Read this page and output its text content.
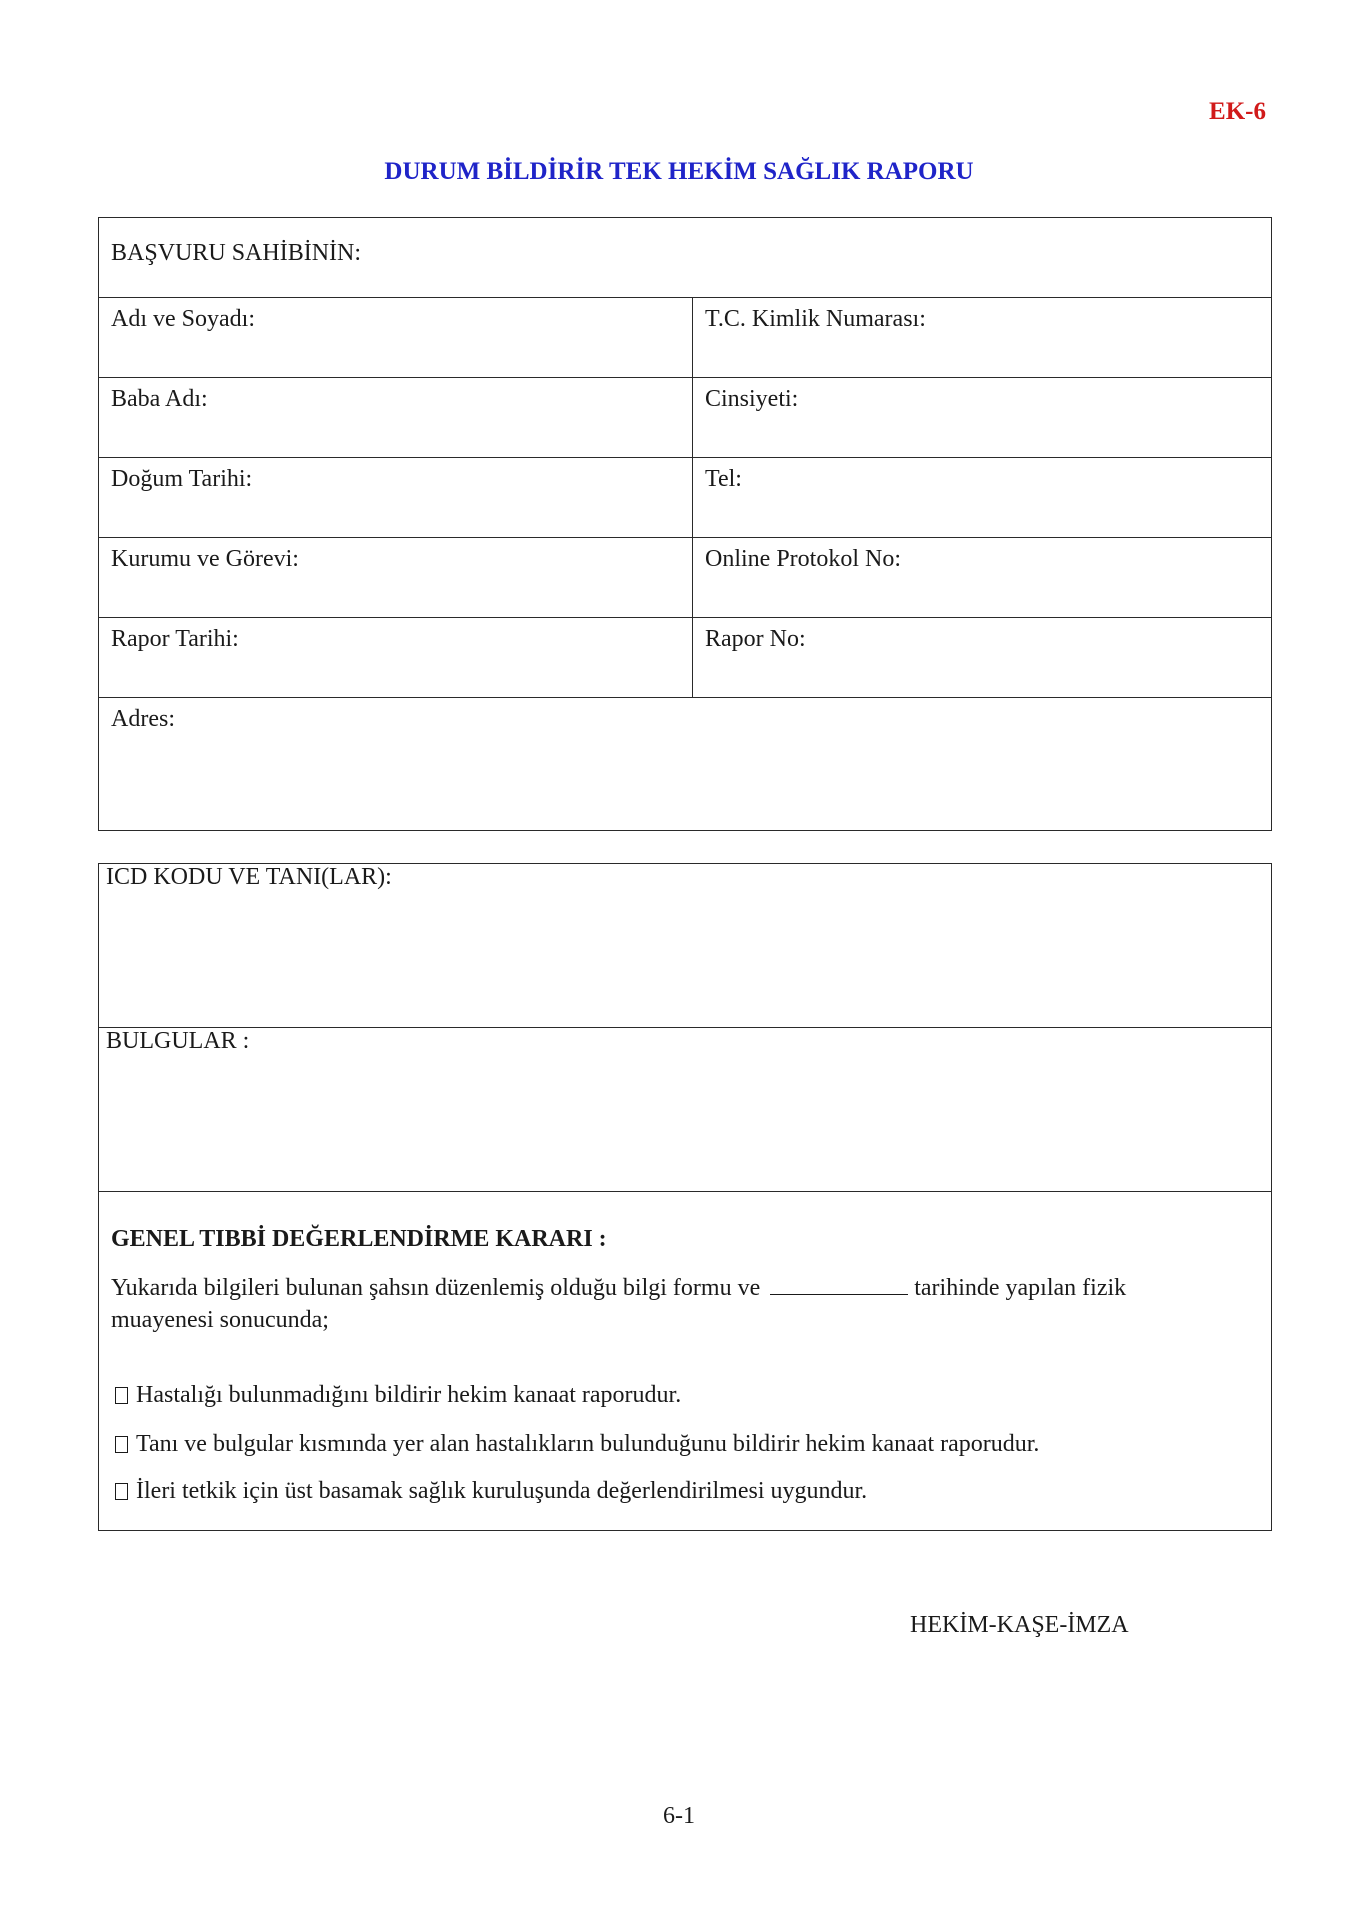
EK-6
DURUM BİLDİRİR TEK HEKİM SAĞLIK RAPORU
BAŞVURU SAHİBİNİN:
Adı ve Soyadı:	T.C. Kimlik Numarası:
Baba Adı:	Cinsiyeti:
Doğum Tarihi:	Tel:
Kurumu ve Görevi:	Online Protokol No:
Rapor Tarihi:	Rapor No:
Adres:
ICD KODU VE TANI(LAR):
BULGULAR :
GENEL TIBBİ DEĞERLENDİRME KARARI :
Yukarıda bilgileri bulunan şahsın düzenlemiş olduğu bilgi formu ve	tarihinde yapılan fizik muayenesi sonucunda;
Hastalığı bulunmadığını bildirir hekim kanaat raporudur.
Tanı ve bulgular kısmında yer alan hastalıkların bulunduğunu bildirir hekim kanaat raporudur.
İleri tetkik için üst basamak sağlık kuruluşunda değerlendirilmesi uygundur.
HEKİM-KAŞE-İMZA
6-1
